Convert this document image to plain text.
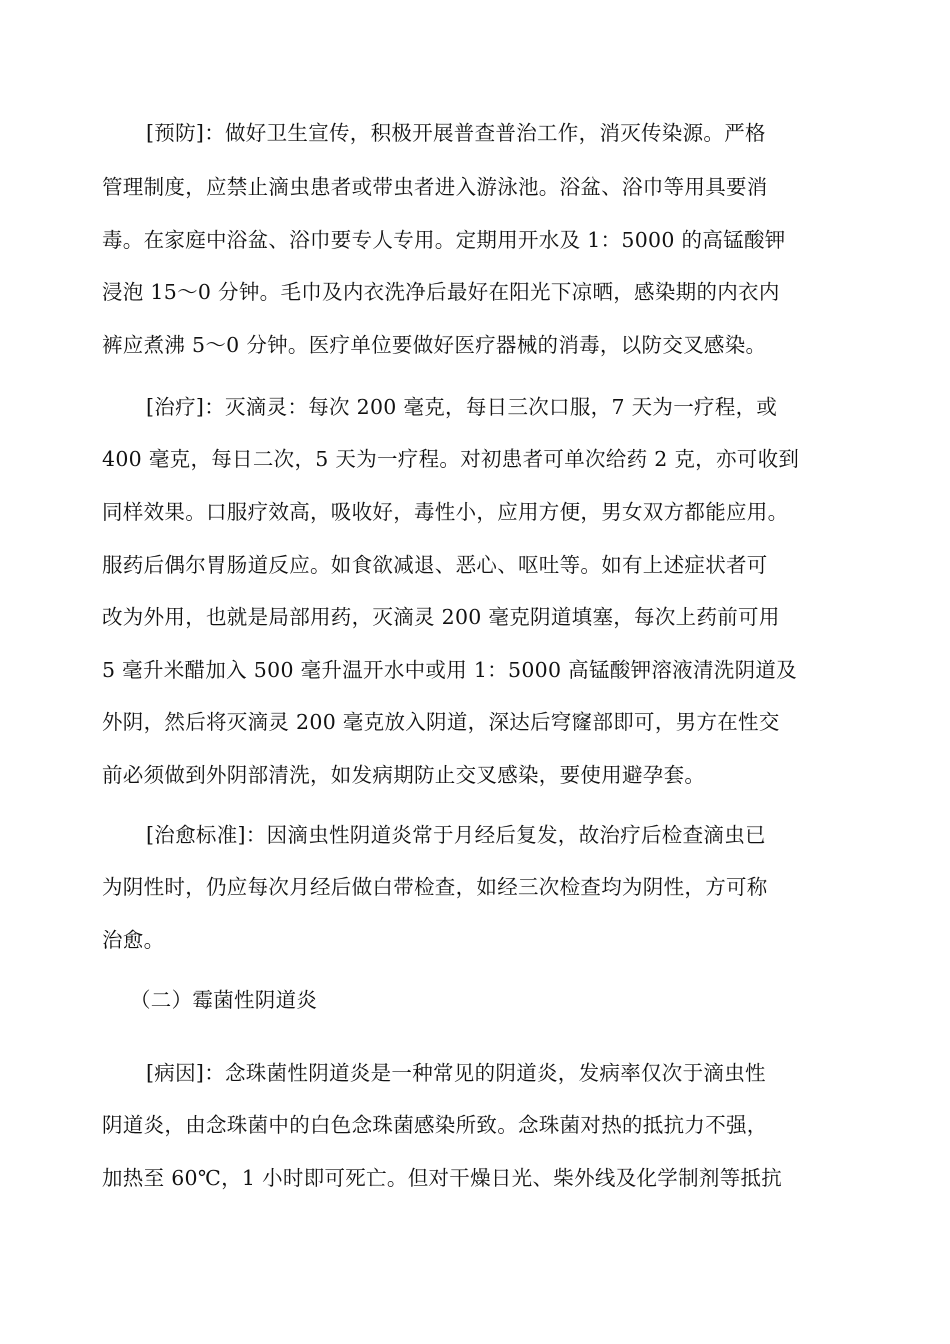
[预防]：做好卫生宣传，积极开展普查普治工作，消灭传染源。严格
管理制度，应禁止滴虫患者或带虫者进入游泳池。浴盆、浴巾等用具要消
毒。在家庭中浴盆、浴巾要专人专用。定期用开水及 1：5000 的高锰酸钾
浸泡 15～0 分钟。毛巾及内衣洗净后最好在阳光下凉晒，感染期的内衣内
裤应煮沸 5～0 分钟。医疗单位要做好医疗器械的消毒，以防交叉感染。
[治疗]：灭滴灵：每次 200 毫克，每日三次口服，7 天为一疗程，或
400 毫克，每日二次，5 天为一疗程。对初患者可单次给药 2 克，亦可收到
同样效果。口服疗效高，吸收好，毒性小，应用方便，男女双方都能应用。
服药后偶尔胃肠道反应。如食欲减退、恶心、呕吐等。如有上述症状者可
改为外用，也就是局部用药，灭滴灵 200 毫克阴道填塞，每次上药前可用
5 毫升米醋加入 500 毫升温开水中或用 1：5000 高锰酸钾溶液清洗阴道及
外阴，然后将灭滴灵 200 毫克放入阴道，深达后穹窿部即可，男方在性交
前必须做到外阴部清洗，如发病期防止交叉感染，要使用避孕套。
[治愈标准]：因滴虫性阴道炎常于月经后复发，故治疗后检查滴虫已
为阴性时，仍应每次月经后做白带检查，如经三次检查均为阴性，方可称
治愈。
（二）霉菌性阴道炎
[病因]：念珠菌性阴道炎是一种常见的阴道炎，发病率仅次于滴虫性
阴道炎，由念珠菌中的白色念珠菌感染所致。念珠菌对热的抵抗力不强，
加热至 60℃，1 小时即可死亡。但对干燥日光、柴外线及化学制剂等抵抗
